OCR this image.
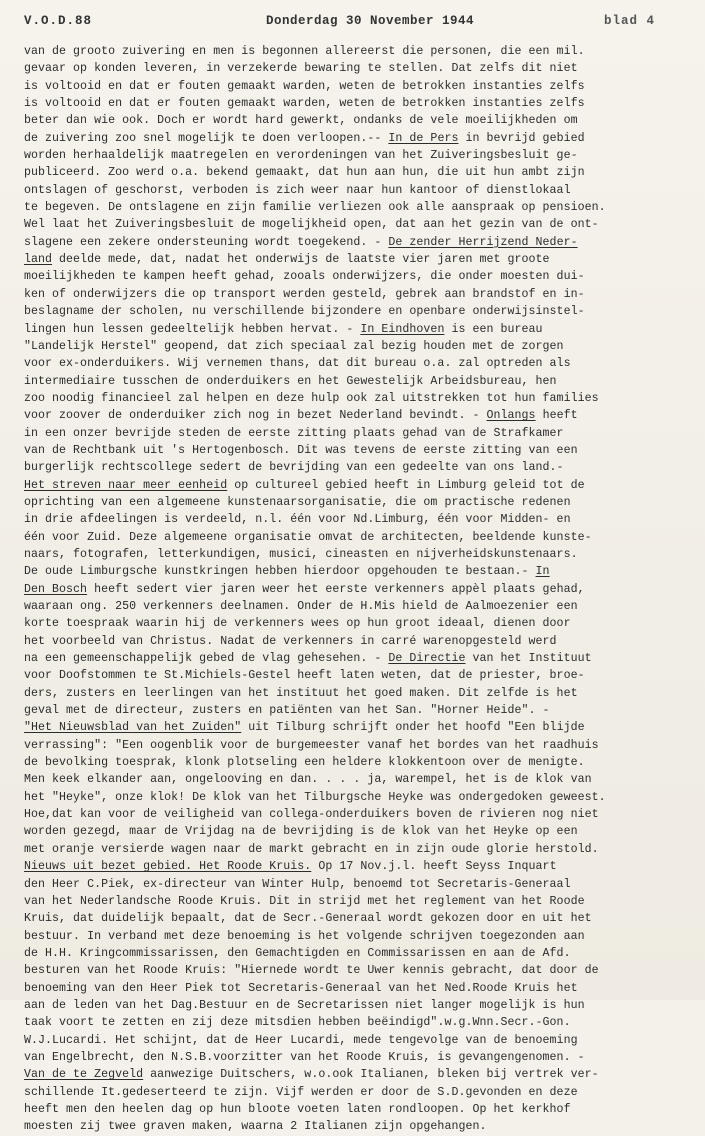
V.O.D.88	Donderdag 30 November 1944	blad 4
van de grooto zuivering en men is begonnen allereerst die personen, die een mil.
gevaar op konden leveren, in verzekerde bewaring te stellen. Dat zelfs dit niet
is voltooid en dat er fouten gemaakt warden, weten de betrokken instanties zelfs
is voltooid en dat er fouten gemaakt warden, weten de betrokken instanties zelfs
beter dan wie ook. Doch er wordt hard gewerkt, ondanks de vele moeilijkheden om
de zuivering zoo snel mogelijk te doen verloopen.-- In de Pers in bevrijd gebied
worden herhaaldelijk maatregelen en verordeningen van het Zuiveringsbesluit ge-
publiceerd. Zoo werd o.a. bekend gemaakt, dat hun aan hun, die uit hun ambt zijn
ontslagen of geschorst, verboden is zich weer naar hun kantoor of dienstlokaal
te begeven. De ontslagene en zijn familie verliezen ook alle aanspraak op pensioen.
Wel laat het Zuiveringsbesluit de mogelijkheid open, dat aan het gezin van de ont-
slagene een zekere ondersteuning wordt toegekend. - De zender Herrijzend Neder-
land deelde mede, dat, nadat het onderwijs de laatste vier jaren met groote
moeilijkheden te kampen heeft gehad, zooals onderwijzers, die onder moesten dui-
ken of onderwijzers die op transport werden gesteld, gebrek aan brandstof en in-
beslagname der scholen, nu verschillende bijzondere en openbare onderwijsinstel-
lingen hun lessen gedeeltelijk hebben hervat. - In Eindhoven is een bureau
"Landelijk Herstel" geopend, dat zich speciaal zal bezig houden met de zorgen
voor ex-onderduikers. Wij vernemen thans, dat dit bureau o.a. zal optreden als
intermediaire tusschen de onderduikers en het Gewestelijk Arbeidsbureau, hen
zoo noodig financieel zal helpen en deze hulp ook zal uitstrekken tot hun families
voor zoover de onderduiker zich nog in bezet Nederland bevindt. - Onlangs heeft
in een onzer bevrijde steden de eerste zitting plaats gehad van de Strafkamer
van de Rechtbank uit 's Hertogenbosch. Dit was tevens de eerste zitting van een
burgerlijk rechtscollege sedert de bevrijding van een gedeelte van ons land.-
Het streven naar meer eenheid op cultureel gebied heeft in Limburg geleid tot de
oprichting van een algemeene kunstenaarsorganisatie, die om practische redenen
in drie afdeelingen is verdeeld, n.l. één voor Nd.Limburg, één voor Midden- en
één voor Zuid. Deze algemeene organisatie omvat de architecten, beeldende kunste-
naars, fotografen, letterkundigen, musici, cineasten en nijverheidskunstenaars.
De oude Limburgsche kunstkringen hebben hierdoor opgehouden te bestaan.- In
Den Bosch heeft sedert vier jaren weer het eerste verkenners appèl plaats gehad,
waaraan ong. 250 verkenners deelnamen. Onder de H.Mis hield de Aalmoezenier een
korte toespraak waarin hij de verkenners wees op hun groot ideaal, dienen door
het voorbeeld van Christus. Nadat de verkenners in carré warenopgesteld werd
na een gemeenschappelijk gebed de vlag gehesehen. - De Directie van het Instituut
voor Doofstommen te St.Michiels-Gestel heeft laten weten, dat de priester, broe-
ders, zusters en leerlingen van het instituut het goed maken. Dit zelfde is het
geval met de directeur, zusters en patiënten van het San. "Horner Heide". -
"Het Nieuwsblad van het Zuiden" uit Tilburg schrijft onder het hoofd "Een blijde
verrassing": "Een oogenblik voor de burgemeester vanaf het bordes van het raadhuis
de bevolking toesprak, klonk plotseling een heldere klokkentoon over de menigte.
Men keek elkander aan, ongelooving en dan. . . . ja, warempel, het is de klok van
het "Heyke", onze klok! De klok van het Tilburgsche Heyke was ondergedoken geweest.
Hoe,dat kan voor de veiligheid van collega-onderduikers boven de rivieren nog niet
worden gezegd, maar de Vrijdag na de bevrijding is de klok van het Heyke op een
met oranje versierde wagen naar de markt gebracht en in zijn oude glorie herstold.
Nieuws uit bezet gebied. Het Roode Kruis. Op 17 Nov.j.l. heeft Seyss Inquart
den Heer C.Piek, ex-directeur van Winter Hulp, benoemd tot Secretaris-Generaal
van het Nederlandsche Roode Kruis. Dit in strijd met het reglement van het Roode
Kruis, dat duidelijk bepaalt, dat de Secr.-Generaal wordt gekozen door en uit het
bestuur. In verband met deze benoeming is het volgende schrijven toegezonden aan
de H.H. Kringcommissarissen, den Gemachtigden en Commissarissen en aan de Afd.
besturen van het Roode Kruis: "Hiernede wordt te Uwer kennis gebracht, dat door de
benoeming van den Heer Piek tot Secretaris-Generaal van het Ned.Roode Kruis het
aan de leden van het Dag.Bestuur en de Secretarissen niet langer mogelijk is hun
taak voort te zetten en zij deze mitsdien hebben beëindigd".w.g.Wnn.Secr.-Gon.
W.J.Lucardi. Het schijnt, dat de Heer Lucardi, mede tengevolge van de benoeming
van Engelbrecht, den N.S.B.voorzitter van het Roode Kruis, is gevangengenomen. -
Van de te Zegveld aanwezige Duitschers, w.o.ook Italianen, bleken bij vertrek ver-
schillende It.gedeserteerd te zijn. Vijf werden er door de S.D.gevonden en deze
heeft men den heelen dag op hun bloote voeten laten rondloopen. Op het kerkhof
moesten zij twee graven maken, waarna 2 Italianen zijn opgehangen.
